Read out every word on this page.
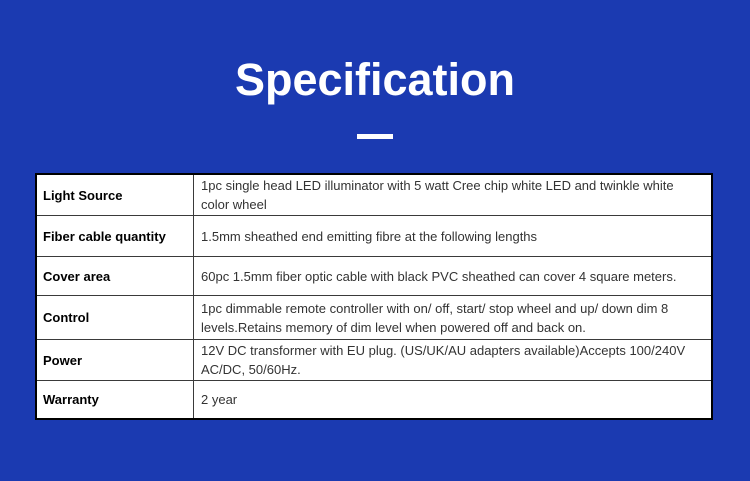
Specification
Light Source	1pc single head LED illuminator with 5 watt Cree chip white LED and twinkle white color wheel
Fiber cable quantity	1.5mm sheathed end emitting fibre at the following lengths
Cover area	60pc 1.5mm fiber optic cable with black PVC sheathed can cover 4 square meters.
Control	1pc dimmable remote controller with on/ off, start/ stop wheel and up/ down dim 8 levels.Retains memory of dim level when powered off and back on.
Power	12V DC transformer with EU plug. (US/UK/AU adapters available)Accepts 100/240V AC/DC, 50/60Hz.
Warranty	2 year
